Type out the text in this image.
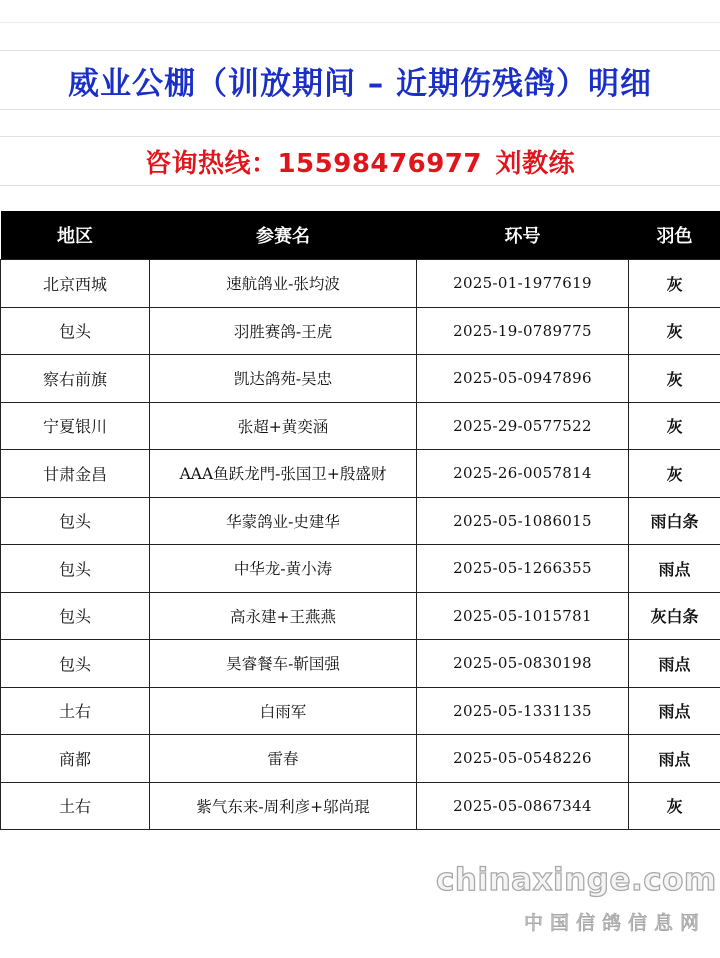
威业公棚（训放期间 – 近期伤残鸽）明细
咨询热线：15598476977 刘教练
地区	参赛名	环号	羽色
北京西城	速航鸽业-张均波	2025-01-1977619	灰
包头	羽胜赛鸽-王虎	2025-19-0789775	灰
察右前旗	凯达鸽苑-吴忠	2025-05-0947896	灰
宁夏银川	张超+黄奕涵	2025-29-0577522	灰
甘肃金昌	AAA鱼跃龙門-张国卫+殷盛财	2025-26-0057814	灰
包头	华蒙鸽业-史建华	2025-05-1086015	雨白条
包头	中华龙-黄小涛	2025-05-1266355	雨点
包头	高永建+王燕燕	2025-05-1015781	灰白条
包头	昊睿餐车-靳国强	2025-05-0830198	雨点
土右	白雨军	2025-05-1331135	雨点
商都	雷春	2025-05-0548226	雨点
土右	紫气东来-周利彦+邬尚琨	2025-05-0867344	灰
chinaxinge.com
中国信鸽信息网
